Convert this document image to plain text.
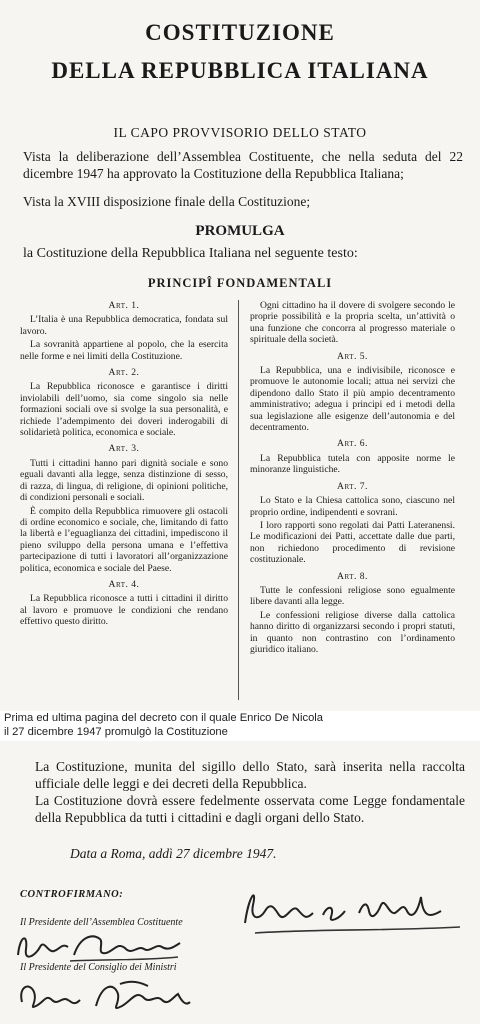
COSTITUZIONE
DELLA REPUBBLICA ITALIANA
IL CAPO PROVVISORIO DELLO STATO
Vista la deliberazione dell’Assemblea Costituente, che nella seduta del 22 dicembre 1947 ha approvato la Costituzione della Repubblica Italiana;
Vista la XVIII disposizione finale della Costituzione;
PROMULGA
la Costituzione della Repubblica Italiana nel seguente testo:
PRINCIPÎ FONDAMENTALI
Art. 1.

L’Italia è una Repubblica democratica, fondata sul lavoro.

La sovranità appartiene al popolo, che la esercita nelle forme e nei limiti della Costituzione.

Art. 2.

La Repubblica riconosce e garantisce i diritti inviolabili dell’uomo, sia come singolo sia nelle formazioni sociali ove si svolge la sua personalità, e richiede l’adempimento dei doveri inderogabili di solidarietà politica, economica e sociale.

Art. 3.

Tutti i cittadini hanno pari dignità sociale e sono eguali davanti alla legge, senza distinzione di sesso, di razza, di lingua, di religione, di opinioni politiche, di condizioni personali e sociali.

È compito della Repubblica rimuovere gli ostacoli di ordine economico e sociale, che, limitando di fatto la libertà e l’eguaglianza dei cittadini, impediscono il pieno sviluppo della persona umana e l’effettiva partecipazione di tutti i lavoratori all’organizzazione politica, economica e sociale del Paese.

Art. 4.

La Repubblica riconosce a tutti i cittadini il diritto al lavoro e promuove le condizioni che rendano effettivo questo diritto.

Ogni cittadino ha il dovere di svolgere secondo le proprie possibilità e la propria scelta, un’attività o una funzione che concorra al progresso materiale o spirituale della società.

Art. 5.

La Repubblica, una e indivisibile, riconosce e promuove le autonomie locali; attua nei servizi che dipendono dallo Stato il più ampio decentramento amministrativo; adegua i principi ed i metodi della sua legislazione alle esigenze dell’autonomia e del decentramento.

Art. 6.

La Repubblica tutela con apposite norme le minoranze linguistiche.

Art. 7.

Lo Stato e la Chiesa cattolica sono, ciascuno nel proprio ordine, indipendenti e sovrani.

I loro rapporti sono regolati dai Patti Lateranensi. Le modificazioni dei Patti, accettate dalle due parti, non richiedono procedimento di revisione costituzionale.

Art. 8.

Tutte le confessioni religiose sono egualmente libere davanti alla legge.

Le confessioni religiose diverse dalla cattolica hanno diritto di organizzarsi secondo i propri statuti, in quanto non contrastino con l’ordinamento giuridico italiano.

Prima ed ultima pagina del decreto con il quale Enrico De Nicola
il 27 dicembre 1947 promulgò la Costituzione
La Costituzione, munita del sigillo dello Stato, sarà inserita nella raccolta ufficiale delle leggi e dei decreti della Repubblica.
La Costituzione dovrà essere fedelmente osservata come Legge fondamentale della Repubblica da tutti i cittadini e dagli organi dello Stato.
Data a Roma, addì 27 dicembre 1947.
CONTROFIRMANO:
Il Presidente dell’Assemblea Costituente
Il Presidente del Consiglio dei Ministri
